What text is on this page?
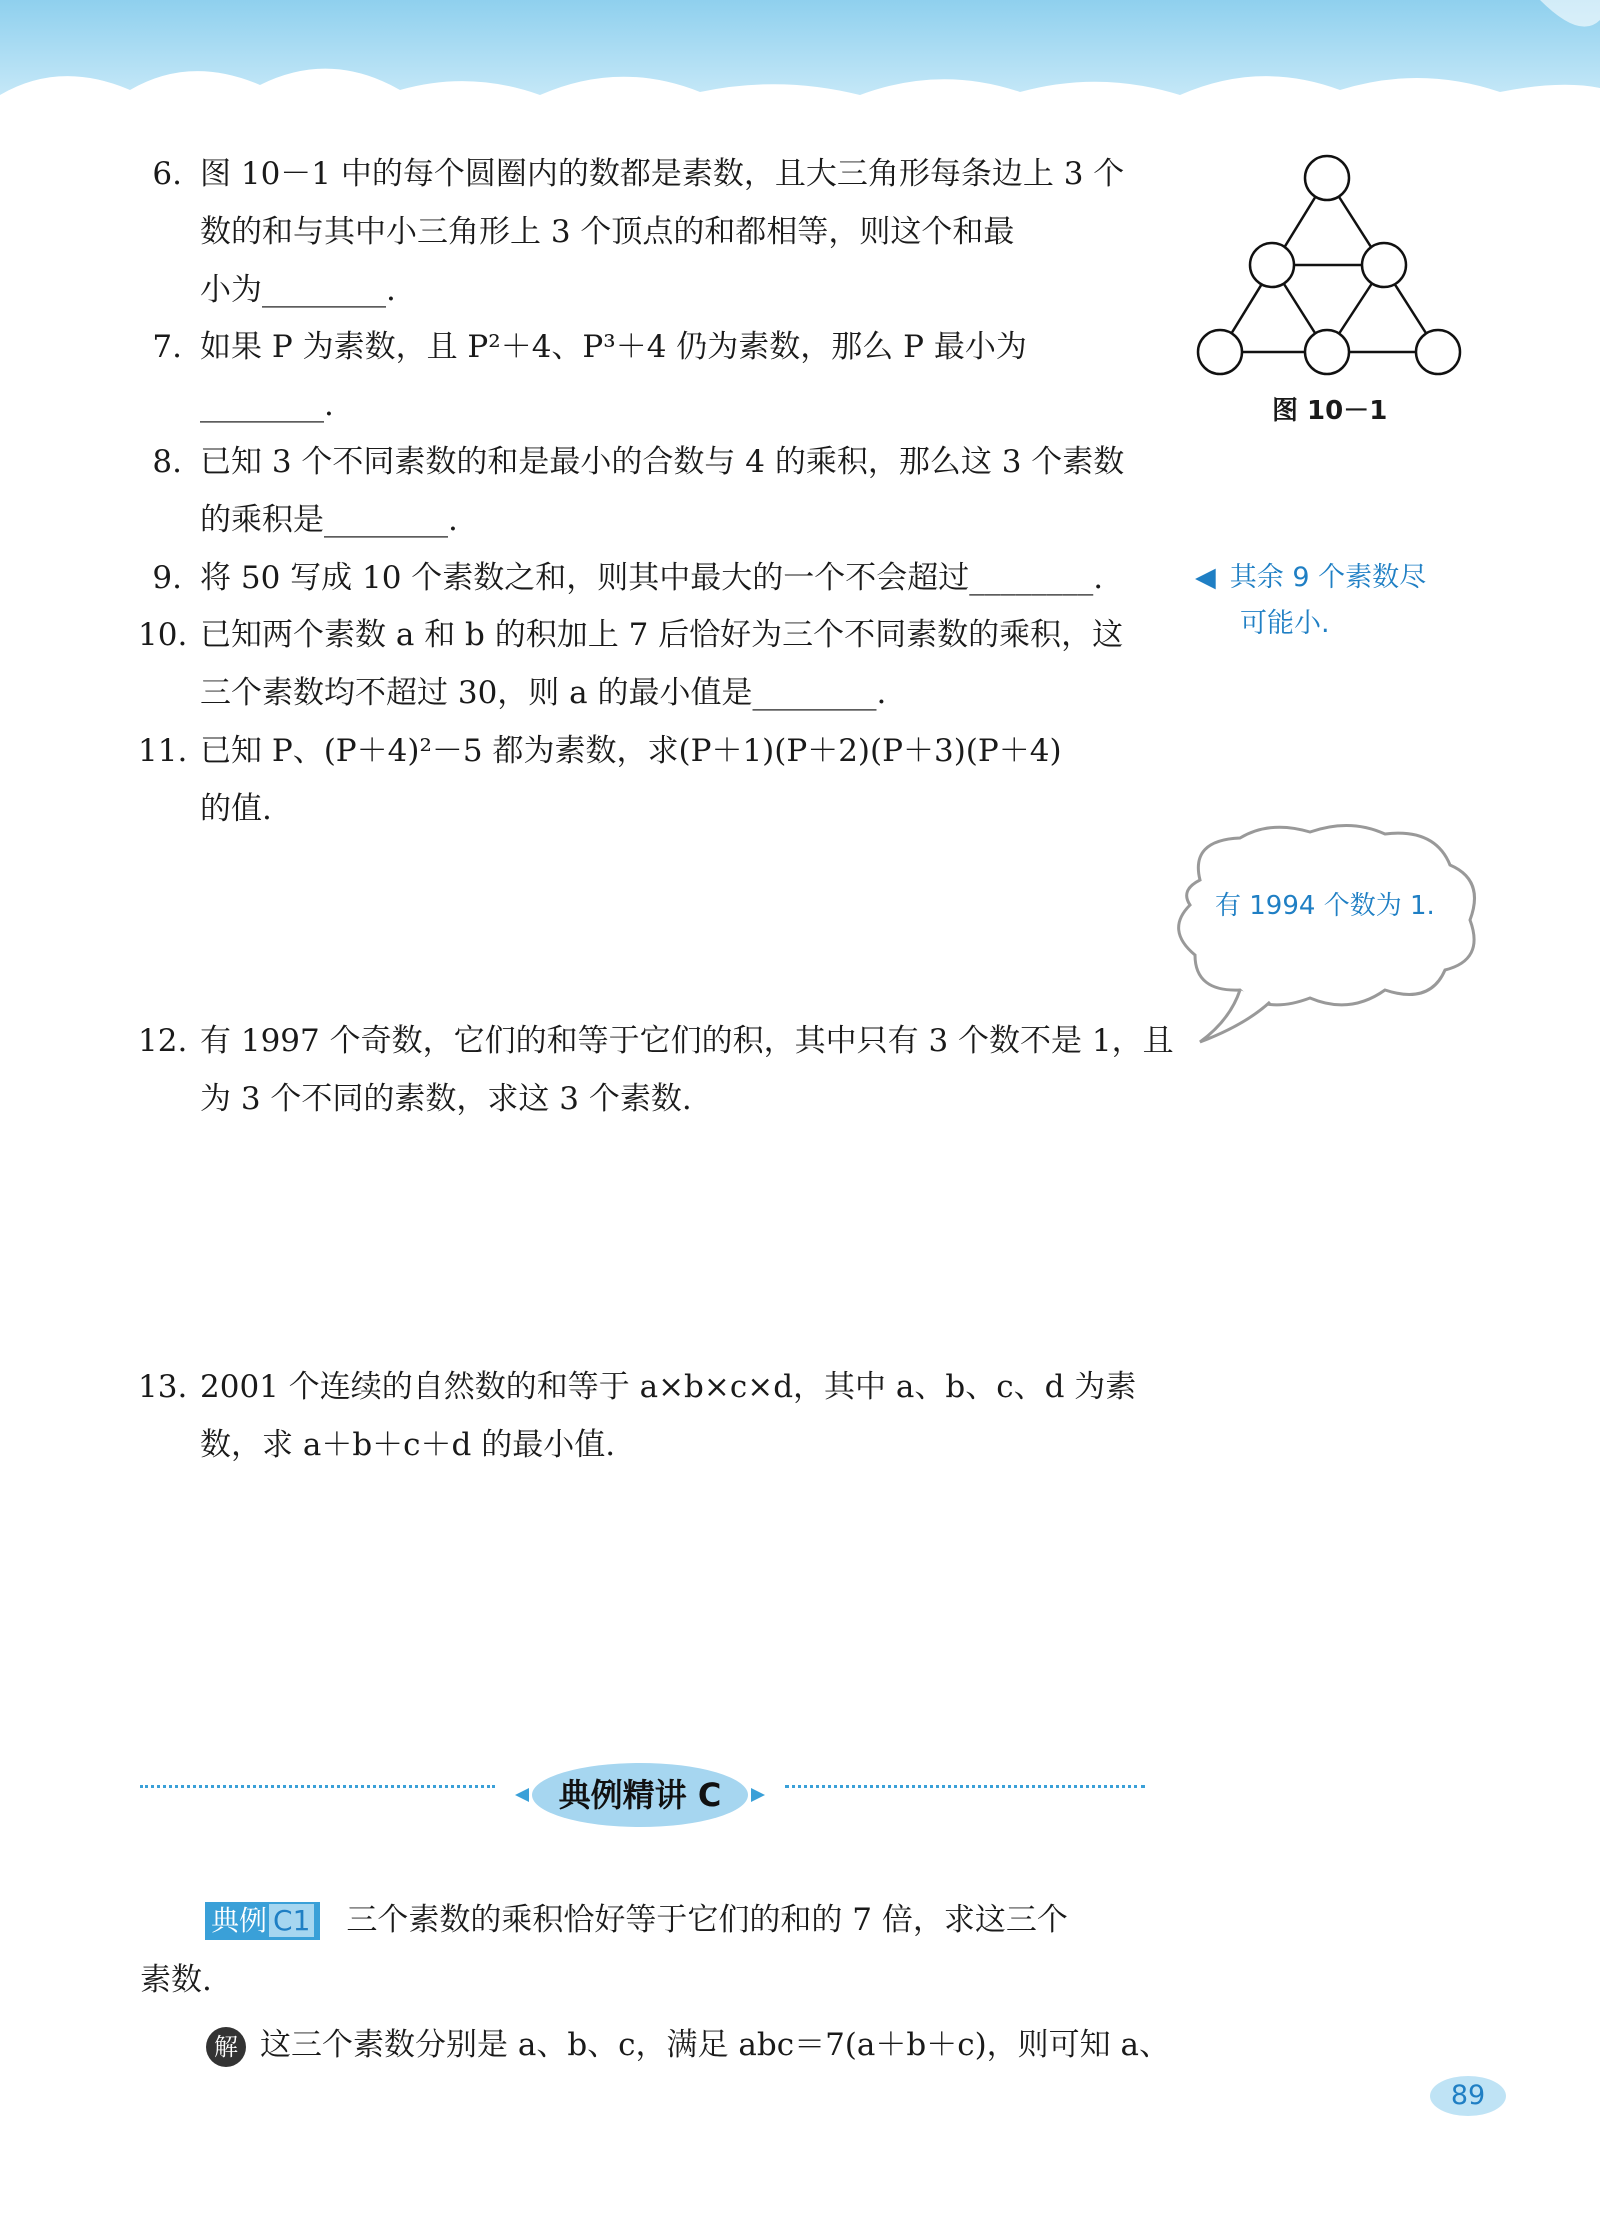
6. 图 10－1 中的每个圆圈内的数都是素数，且大三角形每条边上 3 个
数的和与其中小三角形上 3 个顶点的和都相等，则这个和最
小为________.
7. 如果 P 为素数，且 P²＋4、P³＋4 仍为素数，那么 P 最小为
________.
8. 已知 3 个不同素数的和是最小的合数与 4 的乘积，那么这 3 个素数
的乘积是________.
9. 将 50 写成 10 个素数之和，则其中最大的一个不会超过________.
10. 已知两个素数 a 和 b 的积加上 7 后恰好为三个不同素数的乘积，这
三个素数均不超过 30，则 a 的最小值是________.
11. 已知 P、(P＋4)²－5 都为素数，求(P＋1)(P＋2)(P＋3)(P＋4)
的值.
12. 有 1997 个奇数，它们的和等于它们的积，其中只有 3 个数不是 1，且
为 3 个不同的素数，求这 3 个素数.
13. 2001 个连续的自然数的和等于 a×b×c×d，其中 a、b、c、d 为素
数，求 a＋b＋c＋d 的最小值.
图 10－1
◀ 其余 9 个素数尽
可能小.
有 1994 个数为 1.
典例精讲 C
典例 C1 三个素数的乘积恰好等于它们的和的 7 倍，求这三个
素数.
解 这三个素数分别是 a、b、c，满足 abc＝7(a＋b＋c)，则可知 a、
89
